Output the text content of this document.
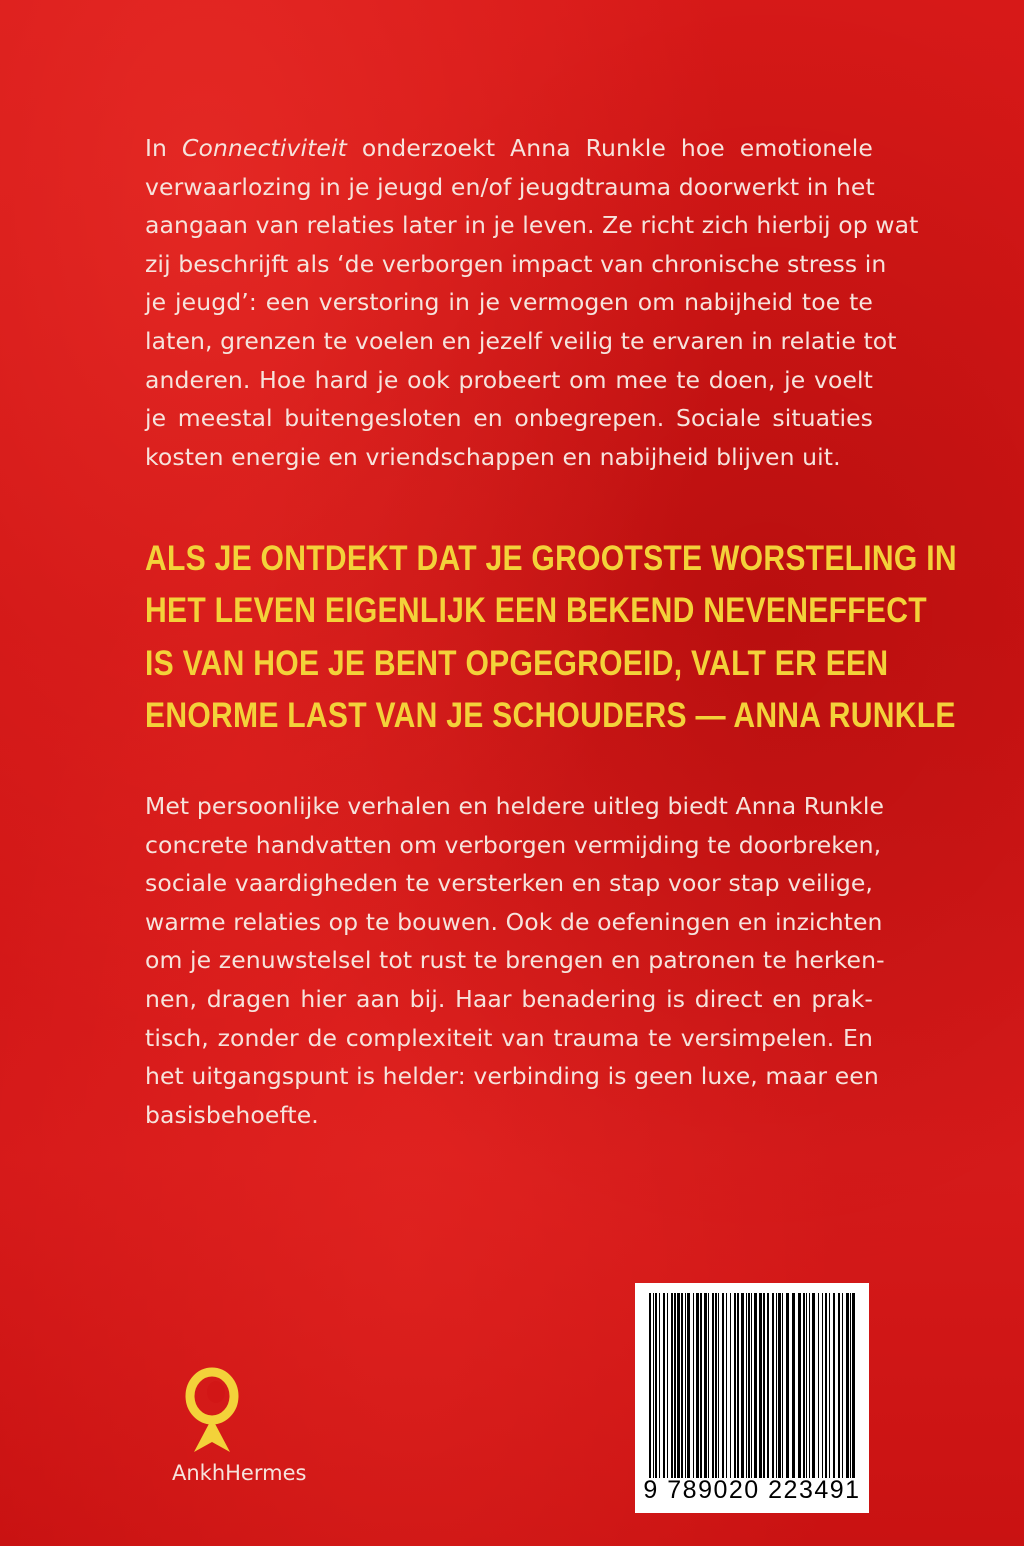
In Connectiviteit onderzoekt Anna Runkle hoe emotionele
verwaarlozing in je jeugd en/of jeugdtrauma doorwerkt in het
aangaan van relaties later in je leven. Ze richt zich hierbij op wat
zij beschrijft als ‘de verborgen impact van chronische stress in
je jeugd’: een verstoring in je vermogen om nabijheid toe te
laten, grenzen te voelen en jezelf veilig te ervaren in relatie tot
anderen. Hoe hard je ook probeert om mee te doen, je voelt
je meestal buitengesloten en onbegrepen. Sociale situaties
kosten energie en vriendschappen en nabijheid blijven uit.
ALS JE ONTDEKT DAT JE GROOTSTE WORSTELING IN
HET LEVEN EIGENLIJK EEN BEKEND NEVENEFFECT
IS VAN HOE JE BENT OPGEGROEID, VALT ER EEN
ENORME LAST VAN JE SCHOUDERS — ANNA RUNKLE
Met persoonlijke verhalen en heldere uitleg biedt Anna Runkle
concrete handvatten om verborgen vermijding te doorbreken,
sociale vaardigheden te versterken en stap voor stap veilige,
warme relaties op te bouwen. Ook de oefeningen en inzichten
om je zenuwstelsel tot rust te brengen en patronen te herken-
nen, dragen hier aan bij. Haar benadering is direct en prak-
tisch, zonder de complexiteit van trauma te versimpelen. En
het uitgangspunt is helder: verbinding is geen luxe, maar een
basisbehoefte.
AnkhHermes
9 789020 223491
